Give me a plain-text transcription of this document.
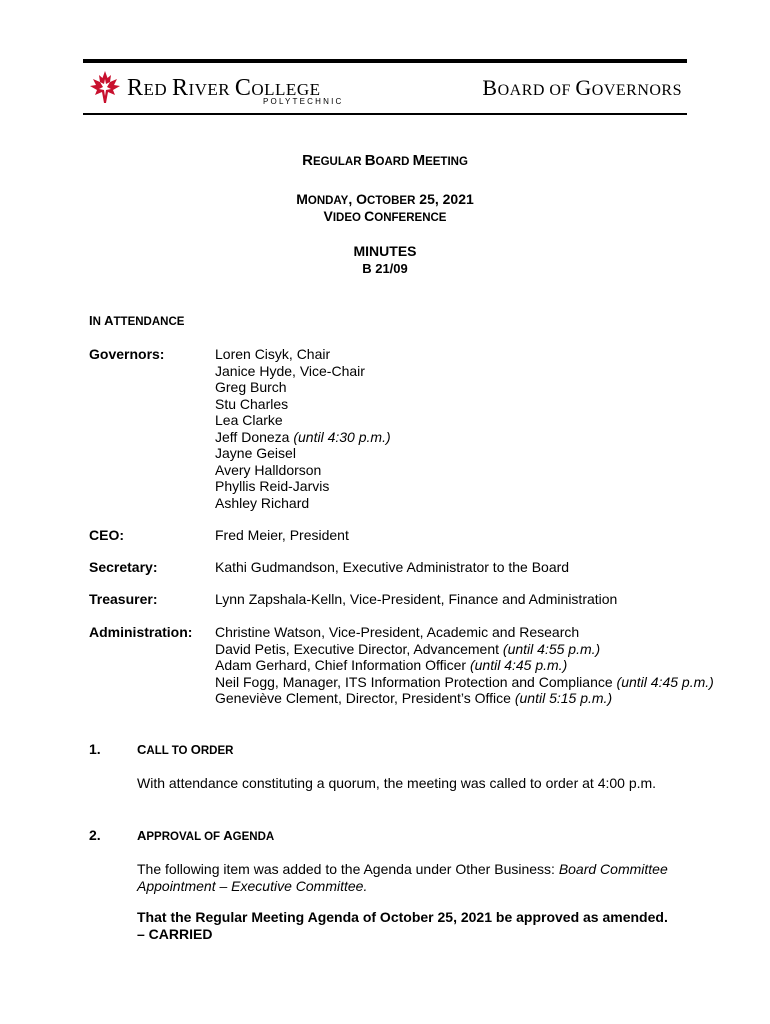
RED RIVER COLLEGE
POLYTECHNIC
BOARD OF GOVERNORS
REGULAR BOARD MEETING
MONDAY, OCTOBER 25, 2021
VIDEO CONFERENCE
MINUTES
B 21/09
IN ATTENDANCE
Governors:	Loren Cisyk, Chair
Janice Hyde, Vice-Chair
Greg Burch
Stu Charles
Lea Clarke
Jeff Doneza (until 4:30 p.m.)
Jayne Geisel
Avery Halldorson
Phyllis Reid-Jarvis
Ashley Richard
CEO:	Fred Meier, President
Secretary:	Kathi Gudmandson, Executive Administrator to the Board
Treasurer:	Lynn Zapshala-Kelln, Vice-President, Finance and Administration
Administration: Christine Watson, Vice-President, Academic and Research
David Petis, Executive Director, Advancement (until 4:55 p.m.)
Adam Gerhard, Chief Information Officer (until 4:45 p.m.)
Neil Fogg, Manager, ITS Information Protection and Compliance (until 4:45 p.m.)
Geneviève Clement, Director, President’s Office (until 5:15 p.m.)
1.	CALL TO ORDER
With attendance constituting a quorum, the meeting was called to order at 4:00 p.m.
2.	APPROVAL OF AGENDA
The following item was added to the Agenda under Other Business: Board Committee
Appointment – Executive Committee.
That the Regular Meeting Agenda of October 25, 2021 be approved as amended.
– CARRIED
